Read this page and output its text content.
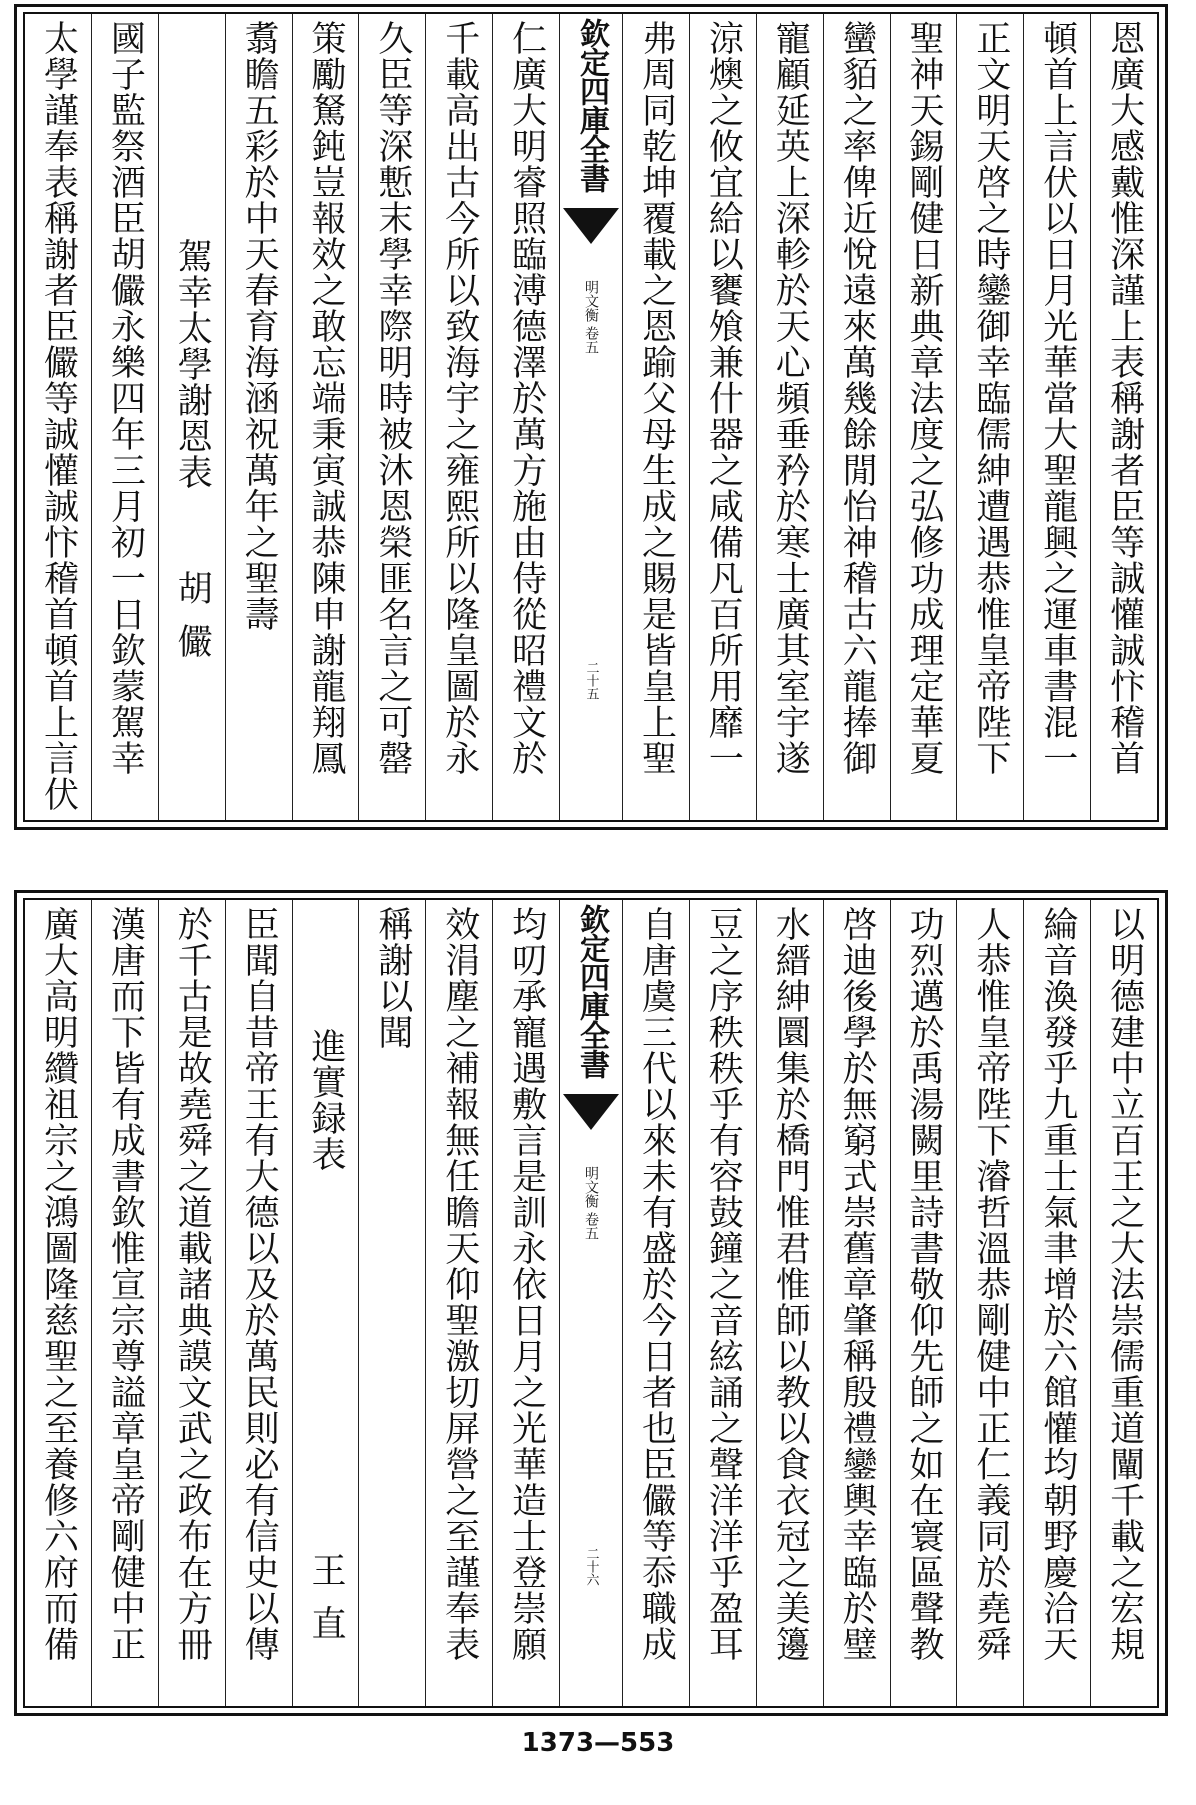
恩廣大感戴惟深謹上表稱謝者臣等誠懽誠忭稽首
頓首上言伏以日月光華當大聖龍興之運車書混一
正文明天啓之時鑾御幸臨儒紳遭遇恭惟皇帝陛下
聖神天錫剛健日新典章法度之弘修功成理定華夏
蠻貊之率俾近悅遠來萬幾餘閒怡神稽古六龍捧御
寵顧延英上深軫於天心頻垂矜於寒士廣其室宇遂
涼燠之攸宜給以饔飧兼什器之咸備凡百所用靡一
弗周同乾坤覆載之恩踰父母生成之賜是皆皇上聖
欽定四庫全書
明文衡
卷五
二十五
仁廣大明睿照臨溥德澤於萬方施由侍從昭禮文於
千載高出古今所以致海宇之雍熙所以隆皇圖於永
久臣等深慙末學幸際明時被沐恩榮匪名言之可罄
策勵駑鈍豈報效之敢忘端秉寅誠恭陳申謝龍翔鳳
翥瞻五彩於中天春育海涵祝萬年之聖壽
駕幸太學謝恩表
胡儼
國子監祭酒臣胡儼永樂四年三月初一日欽蒙駕幸
太學謹奉表稱謝者臣儼等誠懽誠忭稽首頓首上言伏
以明德建中立百王之大法崇儒重道闡千載之宏規
綸音渙發乎九重士氣聿增於六館懽均朝野慶洽天
人恭惟皇帝陛下濬哲溫恭剛健中正仁義同於堯舜
功烈邁於禹湯闕里詩書敬仰先師之如在寰區聲教
啓迪後學於無窮式崇舊章肇稱殷禮鑾輿幸臨於璧
水縉紳圜集於橋門惟君惟師以教以食衣冠之美籩
豆之序秩秩乎有容鼓鐘之音絃誦之聲洋洋乎盈耳
自唐虞三代以來未有盛於今日者也臣儼等忝職成
欽定四庫全書
明文衡
卷五
二十六
均叨承寵遇敷言是訓永依日月之光華造士登崇願
效涓塵之補報無任瞻天仰聖激切屏營之至謹奉表
稱謝以聞
進實録表
王直
臣聞自昔帝王有大德以及於萬民則必有信史以傳
於千古是故堯舜之道載諸典謨文武之政布在方冊
漢唐而下皆有成書欽惟宣宗尊謚章皇帝剛健中正
廣大高明纘祖宗之鴻圖隆慈聖之至養修六府而備
1373—553
